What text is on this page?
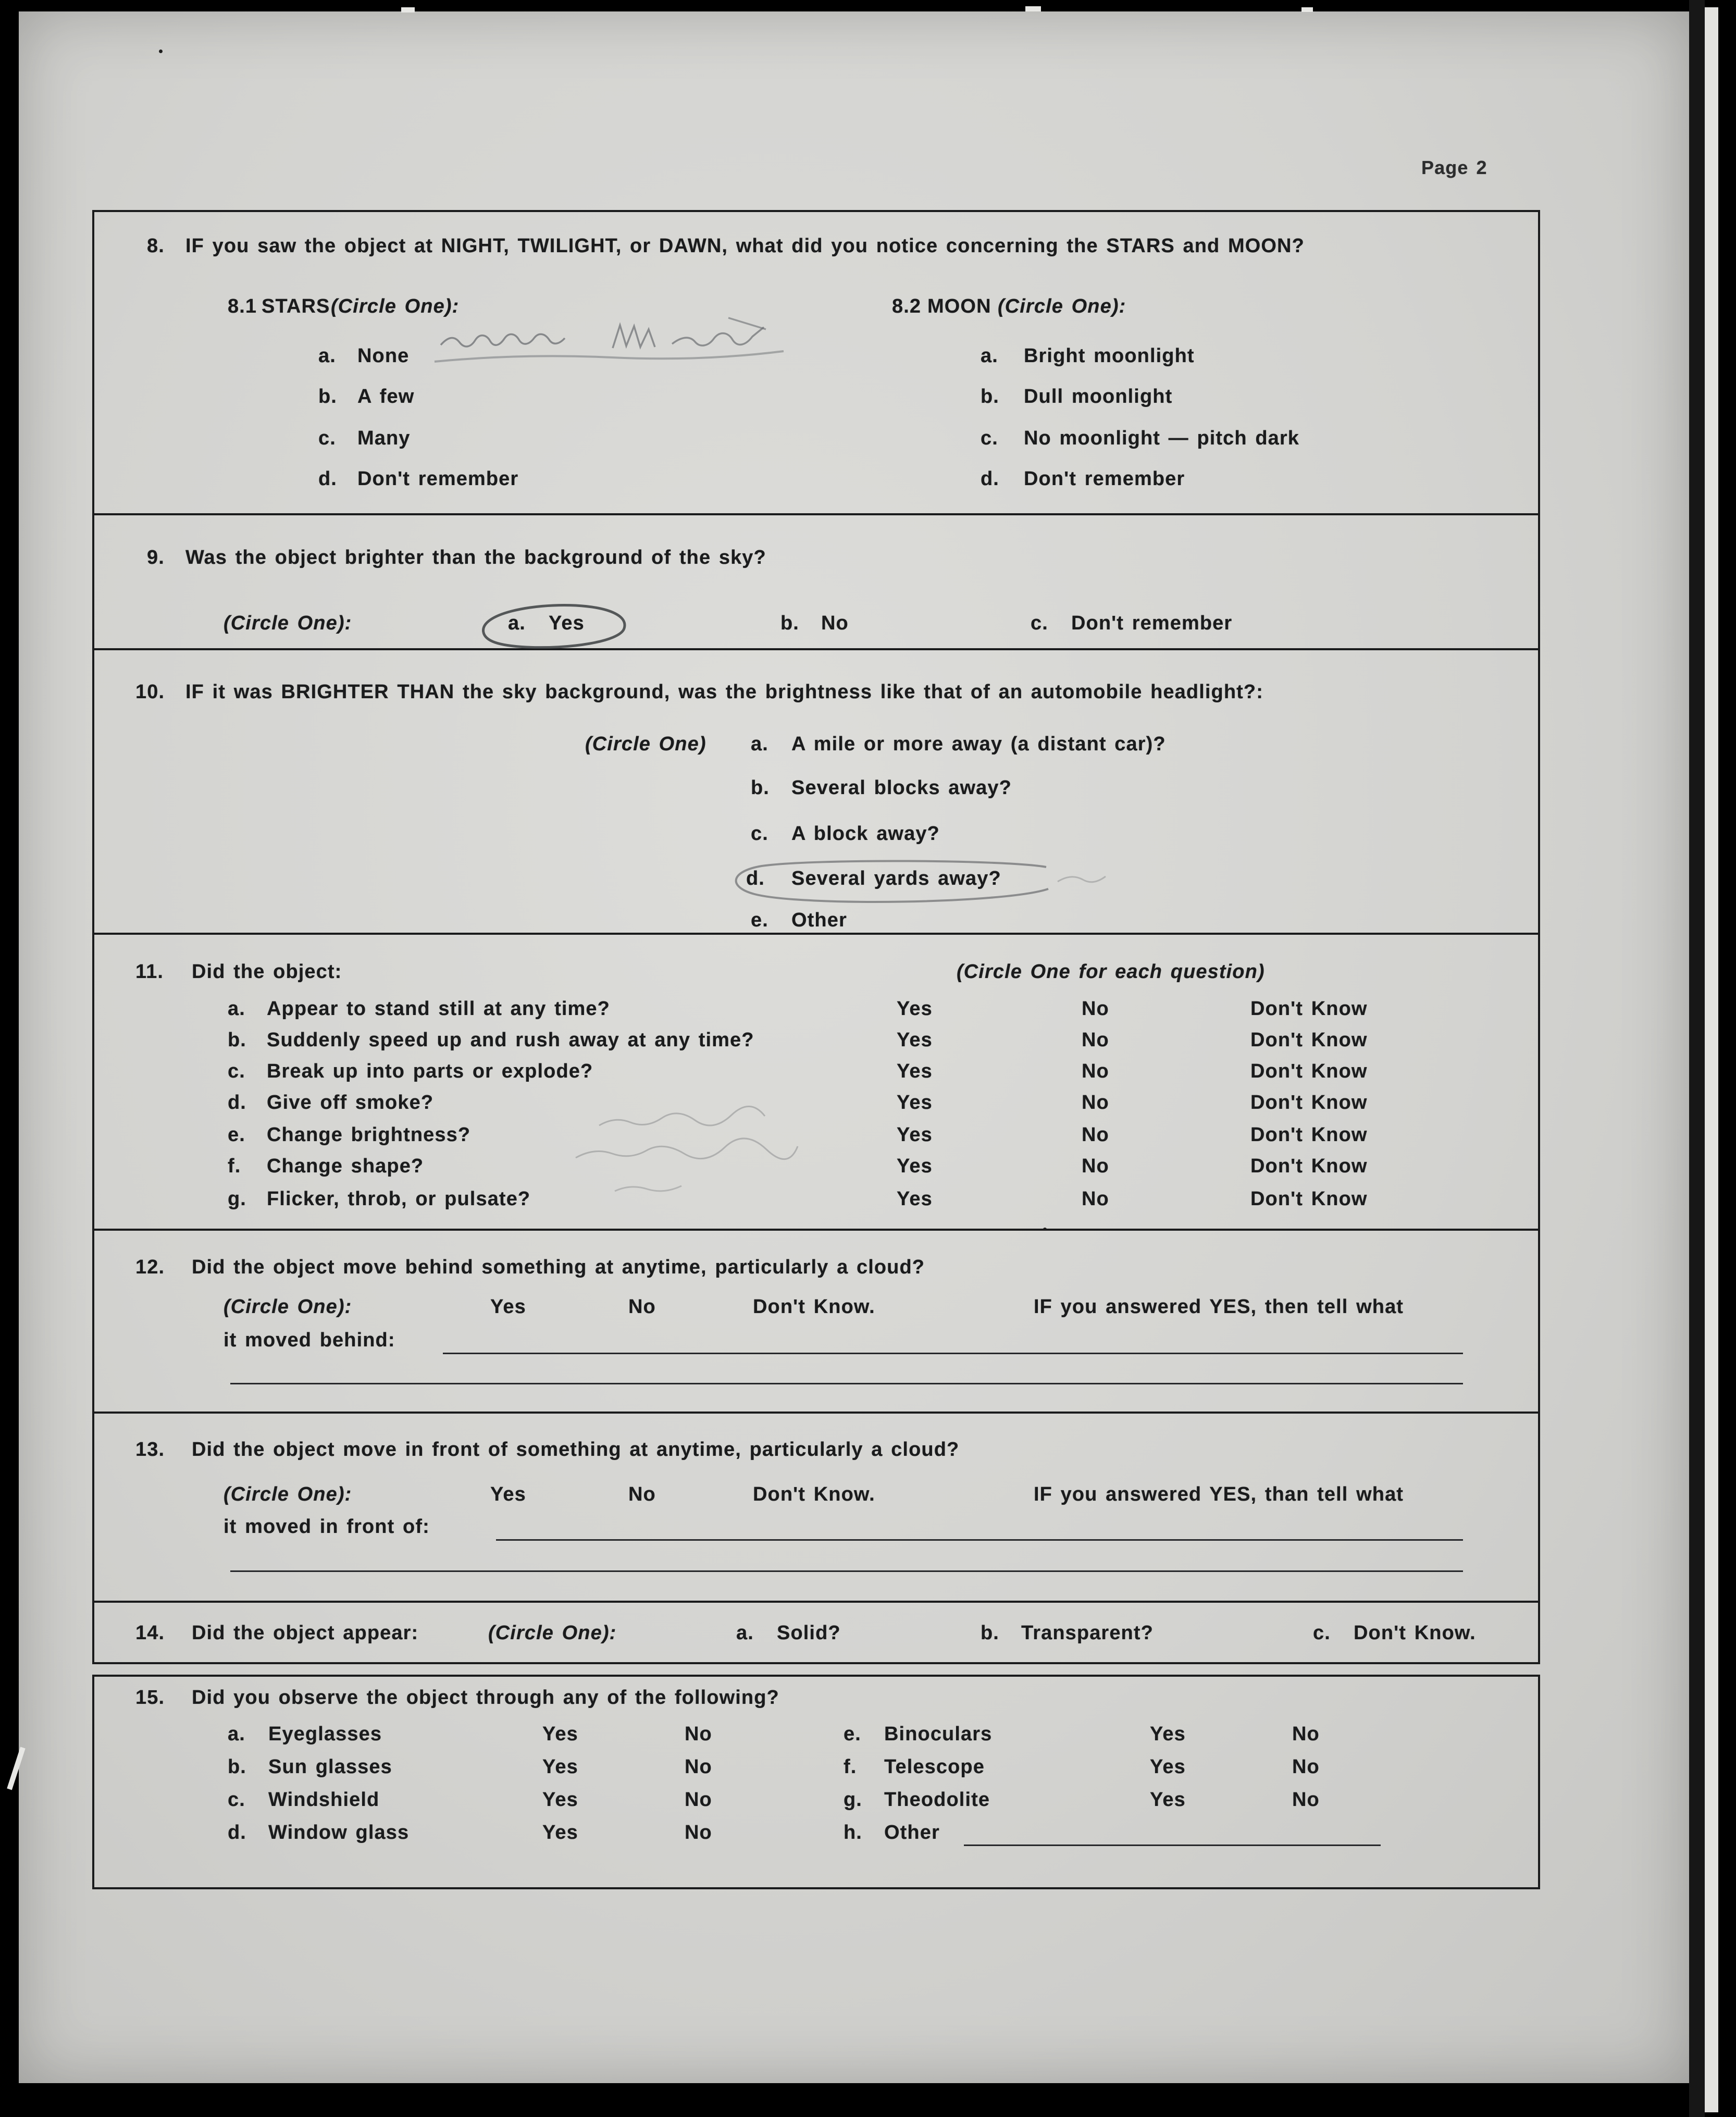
Page 2
8. IF you saw the object at NIGHT, TWILIGHT, or DAWN, what did you notice concerning the STARS and MOON?
8.1 STARS (Circle One):	8.2 MOON (Circle One):
a. None
b. A few
c. Many
d. Don't remember
a. Bright moonlight
b. Dull moonlight
c. No moonlight — pitch dark
d. Don't remember
9. Was the object brighter than the background of the sky?
(Circle One):	a. Yes	b. No	c. Don't remember
10. IF it was BRIGHTER THAN the sky background, was the brightness like that of an automobile headlight?:
(Circle One) a. A mile or more away (a distant car)?
b. Several blocks away?
c. A block away?
d. Several yards away?
e. Other
11. Did the object:	(Circle One for each question)
a. Appear to stand still at any time?	Yes	No	Don't Know
b. Suddenly speed up and rush away at any time?	Yes	No	Don't Know
c. Break up into parts or explode?	Yes	No	Don't Know
d. Give off smoke?	Yes	No	Don't Know
e. Change brightness?	Yes	No	Don't Know
f. Change shape?	Yes	No	Don't Know
g. Flicker, throb, or pulsate?	Yes	No	Don't Know
12. Did the object move behind something at anytime, particularly a cloud?
(Circle One):	Yes	No	Don't Know.	IF you answered YES, then tell what
it moved behind:
13. Did the object move in front of something at anytime, particularly a cloud?
(Circle One):	Yes	No	Don't Know.	IF you answered YES, than tell what
it moved in front of:
14. Did the object appear:	(Circle One):	a. Solid?	b. Transparent?	c. Don't Know.
15. Did you observe the object through any of the following?
a. Eyeglasses	Yes	No
b. Sun glasses	Yes	No
c. Windshield	Yes	No
d. Window glass	Yes	No
e. Binoculars	Yes	No
f. Telescope	Yes	No
g. Theodolite	Yes	No
h. Other
